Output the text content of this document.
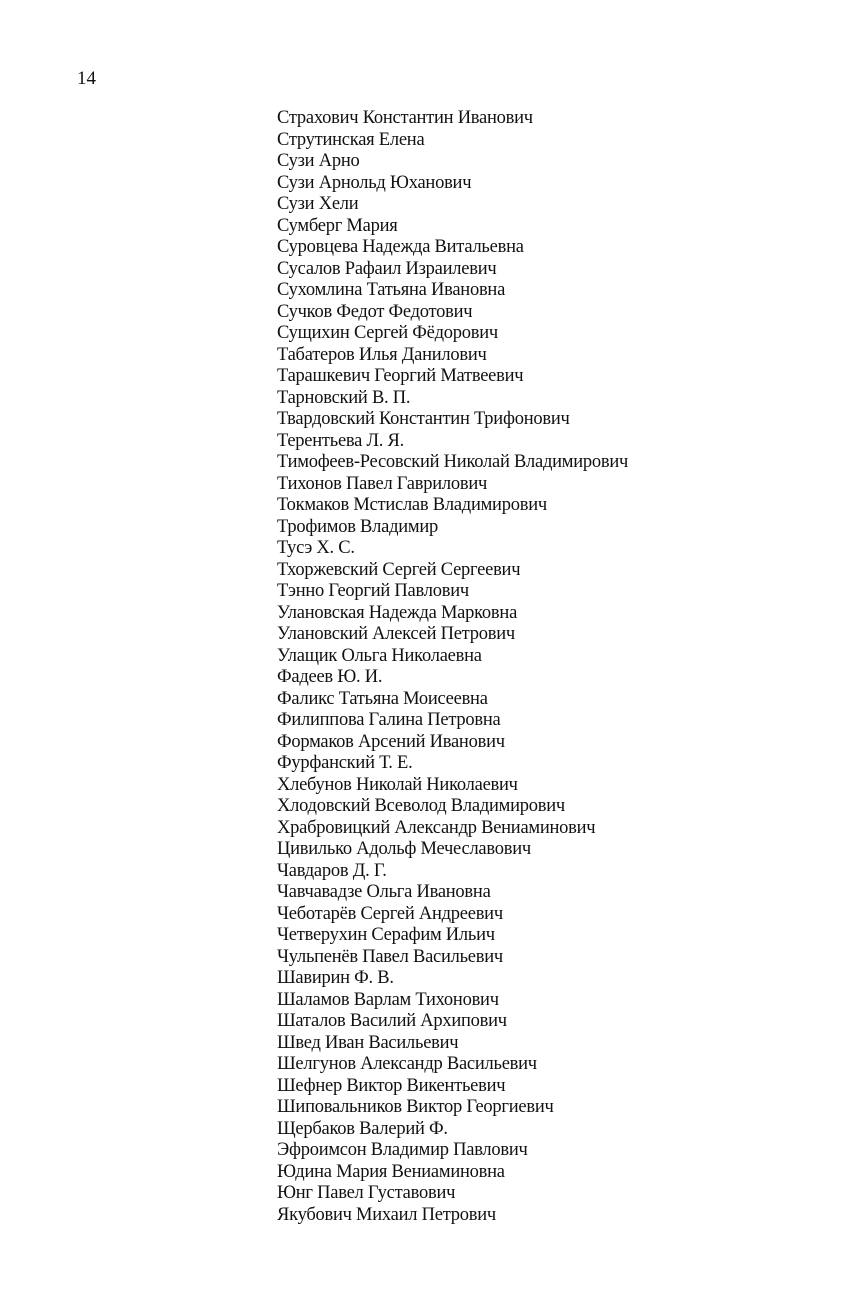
14
Страхович Константин Иванович
Струтинская Елена
Сузи Арно
Сузи Арнольд Юханович
Сузи Хели
Сумберг Мария
Суровцева Надежда Витальевна
Сусалов Рафаил Израилевич
Сухомлина Татьяна Ивановна
Сучков Федот Федотович
Сущихин Сергей Фёдорович
Табатеров Илья Данилович
Тарашкевич Георгий Матвеевич
Тарновский В. П.
Твардовский Константин Трифонович
Терентьева Л. Я.
Тимофеев-Ресовский Николай Владимирович
Тихонов Павел Гаврилович
Токмаков Мстислав Владимирович
Трофимов Владимир
Тусэ Х. С.
Тхоржевский Сергей Сергеевич
Тэнно Георгий Павлович
Улановская Надежда Марковна
Улановский Алексей Петрович
Улащик Ольга Николаевна
Фадеев Ю. И.
Фаликс Татьяна Моисеевна
Филиппова Галина Петровна
Формаков Арсений Иванович
Фурфанский Т. Е.
Хлебунов Николай Николаевич
Хлодовский Всеволод Владимирович
Храбровицкий Александр Вениаминович
Цивилько Адольф Мечеславович
Чавдаров Д. Г.
Чавчавадзе Ольга Ивановна
Чеботарёв Сергей Андреевич
Четверухин Серафим Ильич
Чульпенёв Павел Васильевич
Шавирин Ф. В.
Шаламов Варлам Тихонович
Шаталов Василий Архипович
Швед Иван Васильевич
Шелгунов Александр Васильевич
Шефнер Виктор Викентьевич
Шиповальников Виктор Георгиевич
Щербаков Валерий Ф.
Эфроимсон Владимир Павлович
Юдина Мария Вениаминовна
Юнг Павел Густавович
Якубович Михаил Петрович
